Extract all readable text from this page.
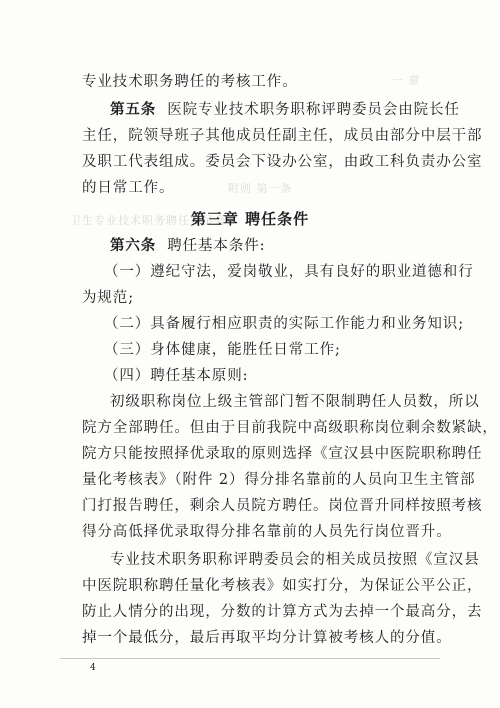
一 章
附则 第一条
卫生专业技术职务聘任委员会
专业技术职务聘任的考核工作。
第五条 医院专业技术职务职称评聘委员会由院长任
主任，院领导班子其他成员任副主任，成员由部分中层干部
及职工代表组成。委员会下设办公室，由政工科负责办公室
的日常工作。
第三章 聘任条件
第六条 聘任基本条件:
（一）遵纪守法，爱岗敬业，具有良好的职业道德和行
为规范;
（二）具备履行相应职责的实际工作能力和业务知识;
（三）身体健康，能胜任日常工作;
（四）聘任基本原则:
初级职称岗位上级主管部门暂不限制聘任人员数，所以
院方全部聘任。但由于目前我院中高级职称岗位剩余数紧缺，
院方只能按照择优录取的原则选择《宣汉县中医院职称聘任
量化考核表》（附件 2）得分排名靠前的人员向卫生主管部
门打报告聘任，剩余人员院方聘任。岗位晋升同样按照考核
得分高低择优录取得分排名靠前的人员先行岗位晋升。
专业技术职务职称评聘委员会的相关成员按照《宣汉县
中医院职称聘任量化考核表》如实打分，为保证公平公正，
防止人情分的出现，分数的计算方式为去掉一个最高分，去
掉一个最低分，最后再取平均分计算被考核人的分值。
4
